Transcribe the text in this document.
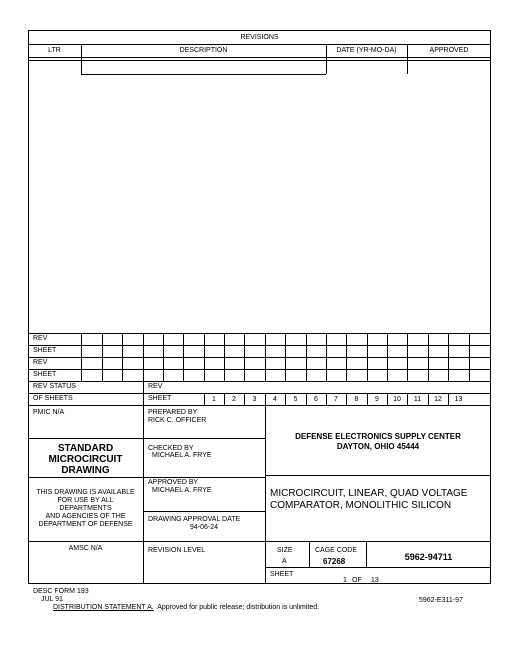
REVISIONS
LTR	DESCRIPTION	DATE (YR-MO-DA)	APPROVED
REV
SHEET
REV
SHEET
REV STATUS
OF SHEETS
REV
SHEET	1	2	3	4	5	6	7	8	9	10	11	12	13
PMIC N/A
STANDARD
MICROCIRCUIT
DRAWING
THIS DRAWING IS AVAILABLE
FOR USE BY ALL
DEPARTMENTS
AND AGENCIES OF THE
DEPARTMENT OF DEFENSE
AMSC N/A
PREPARED BY
RICK C. OFFICER
CHECKED BY
MICHAEL A. FRYE
APPROVED BY
MICHAEL A. FRYE
DRAWING APPROVAL DATE
94-06-24
REVISION LEVEL
DEFENSE ELECTRONICS SUPPLY CENTER
DAYTON, OHIO 45444
MICROCIRCUIT, LINEAR, QUAD VOLTAGE
COMPARATOR, MONOLITHIC SILICON
SIZE
A
CAGE CODE
67268	5962-94711
SHEET
1 OF 13
DESC FORM 193
JUL 91
DISTRIBUTION STATEMENT A.  Approved for public release; distribution is unlimited.
5962-E311-97
